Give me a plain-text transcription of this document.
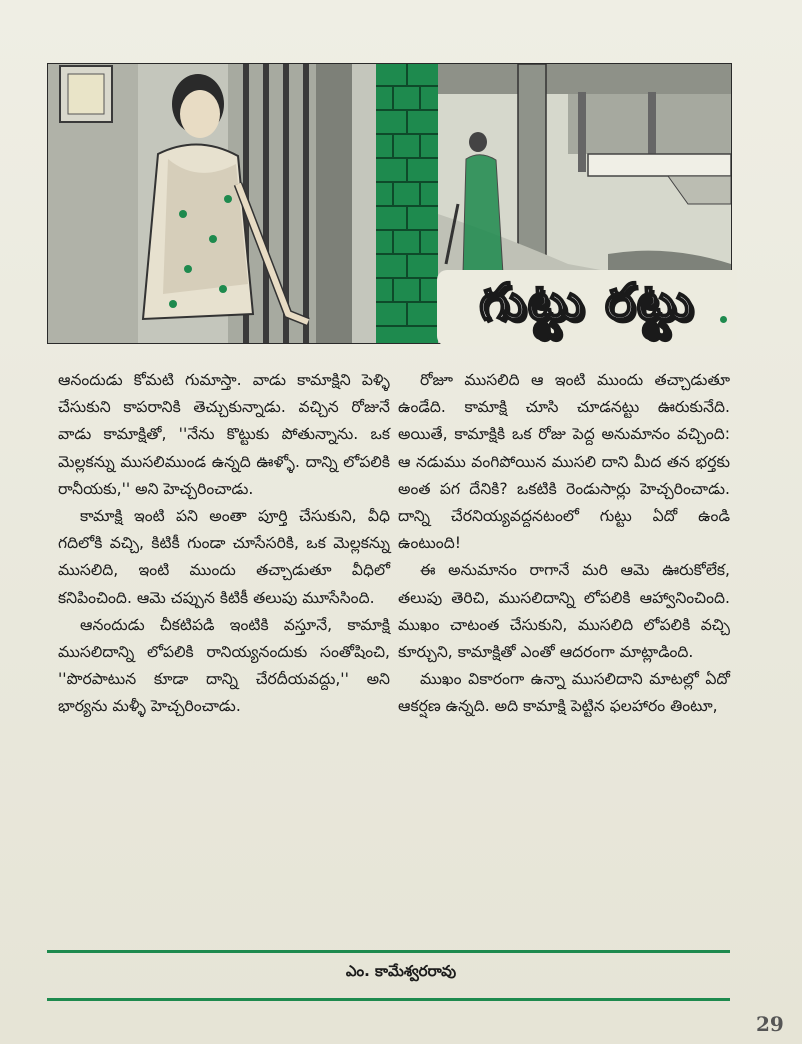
గుట్టు రట్టు

ఆనందుడు కోమటి గుమాస్తా. వాడు కామాక్షిని పెళ్ళి చేసుకుని కాపరానికి తెచ్చుకున్నాడు. వచ్చిన రోజునే వాడు కామాక్షితో, ''నేను కొట్టుకు పోతున్నాను. ఒక మెల్లకన్ను ముసలిముండ ఉన్నది ఊళ్ళో. దాన్ని లోపలికి రానీయకు,'' అని హెచ్చరించాడు.

కామాక్షి ఇంటి పని అంతా పూర్తి చేసుకుని, వీధి గదిలోకి వచ్చి, కిటికీ గుండా చూసేసరికి, ఒక మెల్లకన్ను ముసలిది, ఇంటి ముందు తచ్చాడుతూ వీధిలో కనిపించింది. ఆమె చప్పున కిటికీ తలుపు మూసేసింది.

ఆనందుడు చీకటిపడి ఇంటికి వస్తూనే, కామాక్షి ముసలిదాన్ని లోపలికి రానియ్యనందుకు సంతోషించి, ''పొరపాటున కూడా దాన్ని చేరదీయవద్దు,'' అని భార్యను మళ్ళీ హెచ్చరించాడు.

రోజూ ముసలిది ఆ ఇంటి ముందు తచ్చాడుతూ ఉండేది. కామాక్షి చూసి చూడనట్టు ఊరుకునేది. అయితే, కామాక్షికి ఒక రోజు పెద్ద అనుమానం వచ్చింది: ఆ నడుము వంగిపోయిన ముసలి దాని మీద తన భర్తకు అంత పగ దేనికి? ఒకటికి రెండుసార్లు హెచ్చరించాడు. దాన్ని చేరనియ్యవద్దనటంలో గుట్టు ఏదో ఉండి ఉంటుంది!

ఈ అనుమానం రాగానే మరి ఆమె ఊరుకోలేక, తలుపు తెరిచి, ముసలిదాన్ని లోపలికి ఆహ్వానించింది. ముఖం చాటంత చేసుకుని, ముసలిది లోపలికి వచ్చి కూర్చుని, కామాక్షితో ఎంతో ఆదరంగా మాట్లాడింది.

ముఖం వికారంగా ఉన్నా ముసలిదాని మాటల్లో ఏదో ఆకర్షణ ఉన్నది. అది కామాక్షి పెట్టిన ఫలహారం తింటూ,

ఎం. కామేశ్వరరావు
29
